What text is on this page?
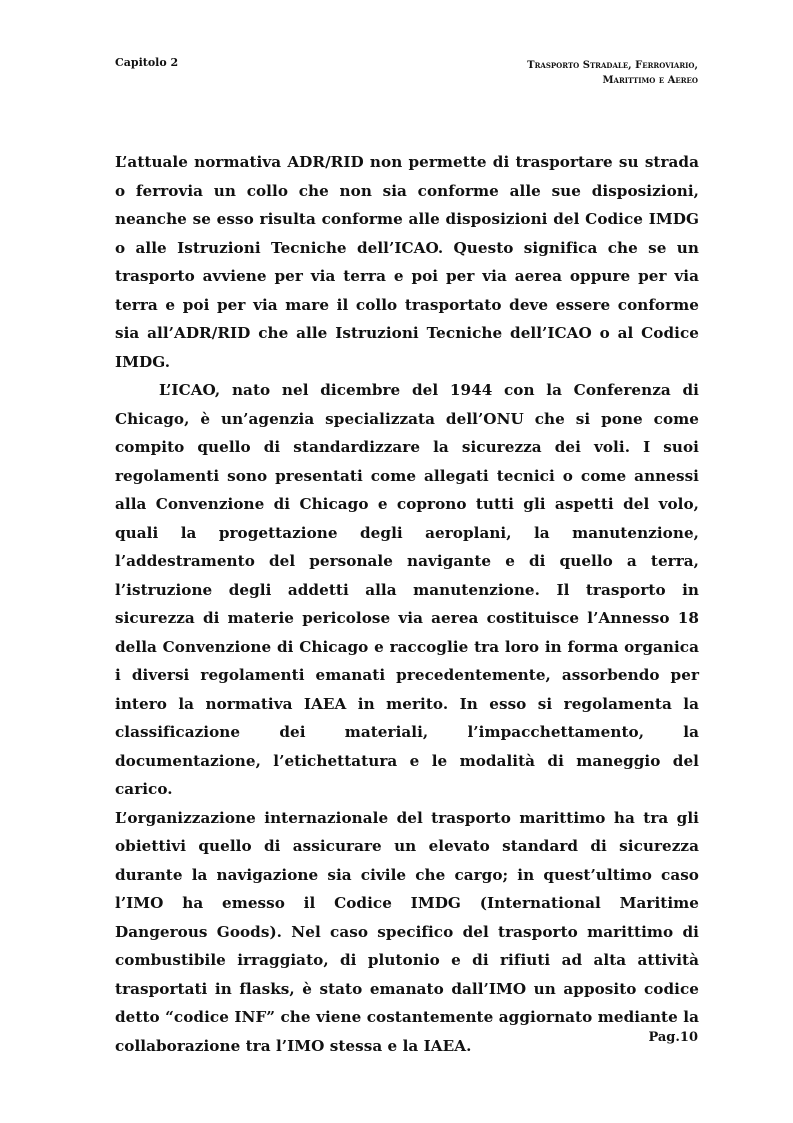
Capitolo 2	Trasporto Stradale, Ferroviario,
Marittimo e Aereo

L’attuale normativa ADR/RID non permette di trasportare su strada o ferrovia un collo che non sia conforme alle sue disposizioni, neanche se esso risulta conforme alle disposizioni del Codice IMDG o alle Istruzioni Tecniche dell’ICAO. Questo significa che se un trasporto avviene per via terra e poi per via aerea oppure per via terra e poi per via mare il collo trasportato deve essere conforme sia all’ADR/RID che alle Istruzioni Tecniche dell’ICAO o al Codice IMDG.

L’ICAO, nato nel dicembre del 1944 con la Conferenza di Chicago, è un’agenzia specializzata dell’ONU che si pone come compito quello di standardizzare la sicurezza dei voli. I suoi regolamenti sono presentati come allegati tecnici o come annessi alla Convenzione di Chicago e coprono tutti gli aspetti del volo, quali la progettazione degli aeroplani, la manutenzione, l’addestramento del personale navigante e di quello a terra, l’istruzione degli addetti alla manutenzione. Il trasporto in sicurezza di materie pericolose via aerea costituisce l’Annesso 18 della Convenzione di Chicago e raccoglie tra loro in forma organica i diversi regolamenti emanati precedentemente, assorbendo per intero la normativa IAEA in merito. In esso si regolamenta la classificazione dei materiali, l’impacchettamento, la documentazione, l’etichettatura e le modalità di maneggio del carico.

L’organizzazione internazionale del trasporto marittimo ha tra gli obiettivi quello di assicurare un elevato standard di sicurezza durante la navigazione sia civile che cargo; in quest’ultimo caso l’IMO ha emesso il Codice IMDG (International Maritime Dangerous Goods). Nel caso specifico del trasporto marittimo di combustibile irraggiato, di plutonio e di rifiuti ad alta attività trasportati in flasks, è stato emanato dall’IMO un apposito codice detto “codice INF” che viene costantemente aggiornato mediante la collaborazione tra l’IMO stessa e la IAEA.	Pag.10
